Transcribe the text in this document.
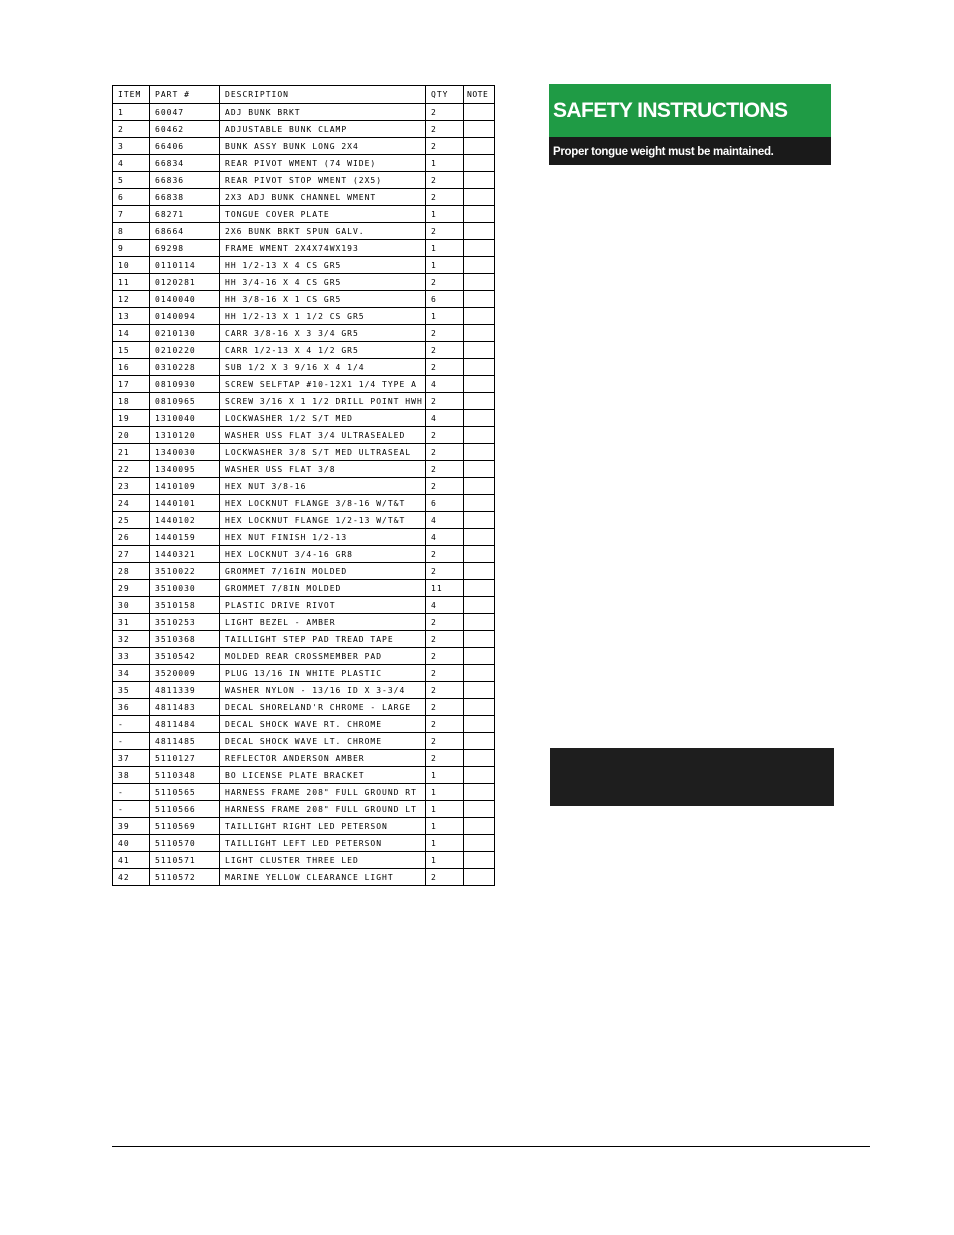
ITEM	PART #	DESCRIPTION	QTY	NOTE
1	60047	ADJ BUNK BRKT	2	
2	60462	ADJUSTABLE BUNK CLAMP	2	
3	66406	BUNK ASSY BUNK LONG 2X4	2	
4	66834	REAR PIVOT WMENT (74 WIDE)	1	
5	66836	REAR PIVOT STOP WMENT (2X5)	2	
6	66838	2X3 ADJ BUNK CHANNEL WMENT	2	
7	68271	TONGUE COVER PLATE	1	
8	68664	2X6 BUNK BRKT SPUN GALV.	2	
9	69298	FRAME WMENT 2X4X74WX193	1	
10	0110114	HH 1/2-13 X 4 CS GR5	1	
11	0120281	HH 3/4-16 X 4 CS GR5	2	
12	0140040	HH 3/8-16 X 1 CS GR5	6	
13	0140094	HH 1/2-13 X 1 1/2 CS GR5	1	
14	0210130	CARR 3/8-16 X 3 3/4 GR5	2	
15	0210220	CARR 1/2-13 X 4 1/2 GR5	2	
16	0310228	SUB 1/2 X 3 9/16 X 4 1/4	2	
17	0810930	SCREW SELFTAP #10-12X1 1/4 TYPE A	4	
18	0810965	SCREW 3/16 X 1 1/2 DRILL POINT HWH	2	
19	1310040	LOCKWASHER 1/2 S/T MED	4	
20	1310120	WASHER USS FLAT 3/4 ULTRASEALED	2	
21	1340030	LOCKWASHER 3/8 S/T MED ULTRASEAL	2	
22	1340095	WASHER USS FLAT 3/8	2	
23	1410109	HEX NUT 3/8-16	2	
24	1440101	HEX LOCKNUT FLANGE 3/8-16 W/T&T	6	
25	1440102	HEX LOCKNUT FLANGE 1/2-13 W/T&T	4	
26	1440159	HEX NUT FINISH 1/2-13	4	
27	1440321	HEX LOCKNUT 3/4-16 GR8	2	
28	3510022	GROMMET 7/16IN MOLDED	2	
29	3510030	GROMMET 7/8IN MOLDED	11	
30	3510158	PLASTIC DRIVE RIVOT	4	
31	3510253	LIGHT BEZEL - AMBER	2	
32	3510368	TAILLIGHT STEP PAD TREAD TAPE	2	
33	3510542	MOLDED REAR CROSSMEMBER PAD	2	
34	3520009	PLUG 13/16 IN WHITE PLASTIC	2	
35	4811339	WASHER NYLON - 13/16 ID X 3-3/4	2	
36	4811483	DECAL SHORELAND'R CHROME - LARGE	2	
-	4811484	DECAL SHOCK WAVE RT. CHROME	2	
-	4811485	DECAL SHOCK WAVE LT. CHROME	2	
37	5110127	REFLECTOR ANDERSON AMBER	2	
38	5110348	BO LICENSE PLATE BRACKET	1	
-	5110565	HARNESS FRAME 208" FULL GROUND RT	1	
-	5110566	HARNESS FRAME 208" FULL GROUND LT	1	
39	5110569	TAILLIGHT RIGHT LED PETERSON	1	
40	5110570	TAILLIGHT LEFT LED PETERSON	1	
41	5110571	LIGHT CLUSTER THREE LED	1	
42	5110572	MARINE YELLOW CLEARANCE LIGHT	2	
SAFETY INSTRUCTIONS
Proper tongue weight must be maintained.
